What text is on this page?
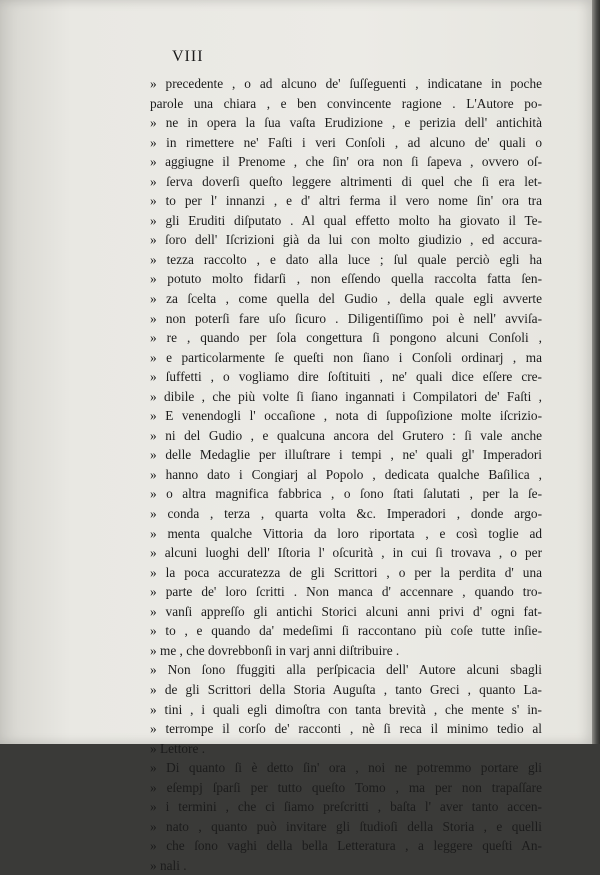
VIII
» precedente , o ad alcuno de' ſuſſeguenti , indicatane in poche
parole una chiara , e ben convincente ragione . L'Autore po-
» ne in opera la ſua vaſta Erudizione , e perizia dell' antichità
» in rimettere ne' Faſti i veri Conſoli , ad alcuno de' quali o
» aggiugne il Prenome , che ſin' ora non ſi ſapeva , ovvero oſ-
» ſerva doverſi queſto leggere altrimenti di quel che ſi era let-
» to per l' innanzi , e d' altri ferma il vero nome ſin' ora tra
» gli Eruditi diſputato . Al qual effetto molto ha giovato il Te-
» ſoro dell' Iſcrizioni già da lui con molto giudizio , ed accura-
» tezza raccolto , e dato alla luce ; ſul quale perciò egli ha
» potuto molto fidarſi , non eſſendo quella raccolta fatta ſen-
» za ſcelta , come quella del Gudio , della quale egli avverte
» non poterſi fare uſo ſicuro . Diligentiſſimo poi è nell' avviſa-
» re , quando per ſola congettura ſi pongono alcuni Conſoli ,
» e particolarmente ſe queſti non ſiano i Conſoli ordinarj , ma
» ſuffetti , o vogliamo dire ſoſtituiti , ne' quali dice eſſere cre-
» dibile , che più volte ſi ſiano ingannati i Compilatori de' Faſti ,
» E venendogli l' occaſione , nota di ſuppoſizione molte iſcrizio-
» ni del Gudio , e qualcuna ancora del Grutero : ſi vale anche
» delle Medaglie per illuſtrare i tempi , ne' quali gl' Imperadori
» hanno dato i Congiarj al Popolo , dedicata qualche Baſilica ,
» o altra magnifica fabbrica , o ſono ſtati ſalutati , per la ſe-
» conda , terza , quarta volta &c. Imperadori , donde argo-
» menta qualche Vittoria da loro riportata , e così toglie ad
» alcuni luoghi dell' Iſtoria l' oſcurità , in cui ſi trovava , o per
» la poca accuratezza de gli Scrittori , o per la perdita d' una
» parte de' loro ſcritti . Non manca d' accennare , quando tro-
» vanſi appreſſo gli antichi Storici alcuni anni privi d' ogni fat-
» to , e quando da' medeſimi ſi raccontano più coſe tutte inſie-
» me , che dovrebbonſi in varj anni diſtribuire .
» Non ſono ſfuggiti alla perſpicacia dell' Autore alcuni sbagli
» de gli Scrittori della Storia Auguſta , tanto Greci , quanto La-
» tini , i quali egli dimoſtra con tanta brevità , che mente s' in-
» terrompe il corſo de' racconti , nè ſi reca il minimo tedio al
» Lettore .
» Di quanto ſi è detto ſin' ora , noi ne potremmo portare gli
» eſempj ſparſi per tutto queſto Tomo , ma per non trapaſſare
» i termini , che ci ſiamo preſcritti , baſta l' aver tanto accen-
» nato , quanto può invitare gli ſtudioſi della Storia , e quelli
» che ſono vaghi della bella Letteratura , a leggere queſti An-
» nali .
